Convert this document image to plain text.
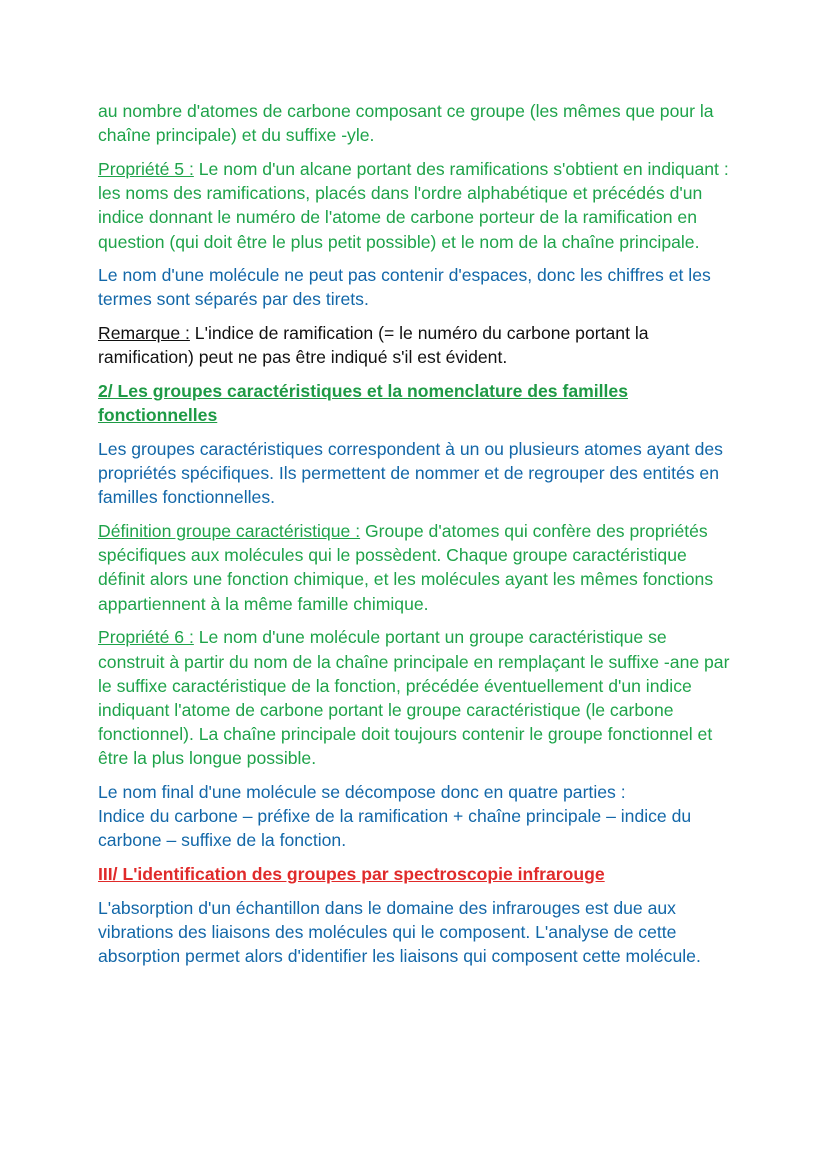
au nombre d'atomes de carbone composant ce groupe (les mêmes que pour la chaîne principale) et du suffixe -yle.

Propriété 5 : Le nom d'un alcane portant des ramifications s'obtient en indiquant : les noms des ramifications, placés dans l'ordre alphabétique et précédés d'un indice donnant le numéro de l'atome de carbone porteur de la ramification en question (qui doit être le plus petit possible) et le nom de la chaîne principale.

Le nom d'une molécule ne peut pas contenir d'espaces, donc les chiffres et les termes sont séparés par des tirets.

Remarque : L'indice de ramification (= le numéro du carbone portant la ramification) peut ne pas être indiqué s'il est évident.

2/ Les groupes caractéristiques et la nomenclature des familles fonctionnelles

Les groupes caractéristiques correspondent à un ou plusieurs atomes ayant des propriétés spécifiques. Ils permettent de nommer et de regrouper des entités en familles fonctionnelles.

Définition groupe caractéristique : Groupe d'atomes qui confère des propriétés spécifiques aux molécules qui le possèdent. Chaque groupe caractéristique définit alors une fonction chimique, et les molécules ayant les mêmes fonctions appartiennent à la même famille chimique.

Propriété 6 : Le nom d'une molécule portant un groupe caractéristique se construit à partir du nom de la chaîne principale en remplaçant le suffixe -ane par le suffixe caractéristique de la fonction, précédée éventuellement d'un indice indiquant l'atome de carbone portant le groupe caractéristique (le carbone fonctionnel). La chaîne principale doit toujours contenir le groupe fonctionnel et être la plus longue possible.

Le nom final d'une molécule se décompose donc en quatre parties :
Indice du carbone – préfixe de la ramification + chaîne principale – indice du carbone – suffixe de la fonction.

III/ L'identification des groupes par spectroscopie infrarouge

L'absorption d'un échantillon dans le domaine des infrarouges est due aux vibrations des liaisons des molécules qui le composent. L'analyse de cette absorption permet alors d'identifier les liaisons qui composent cette molécule.
